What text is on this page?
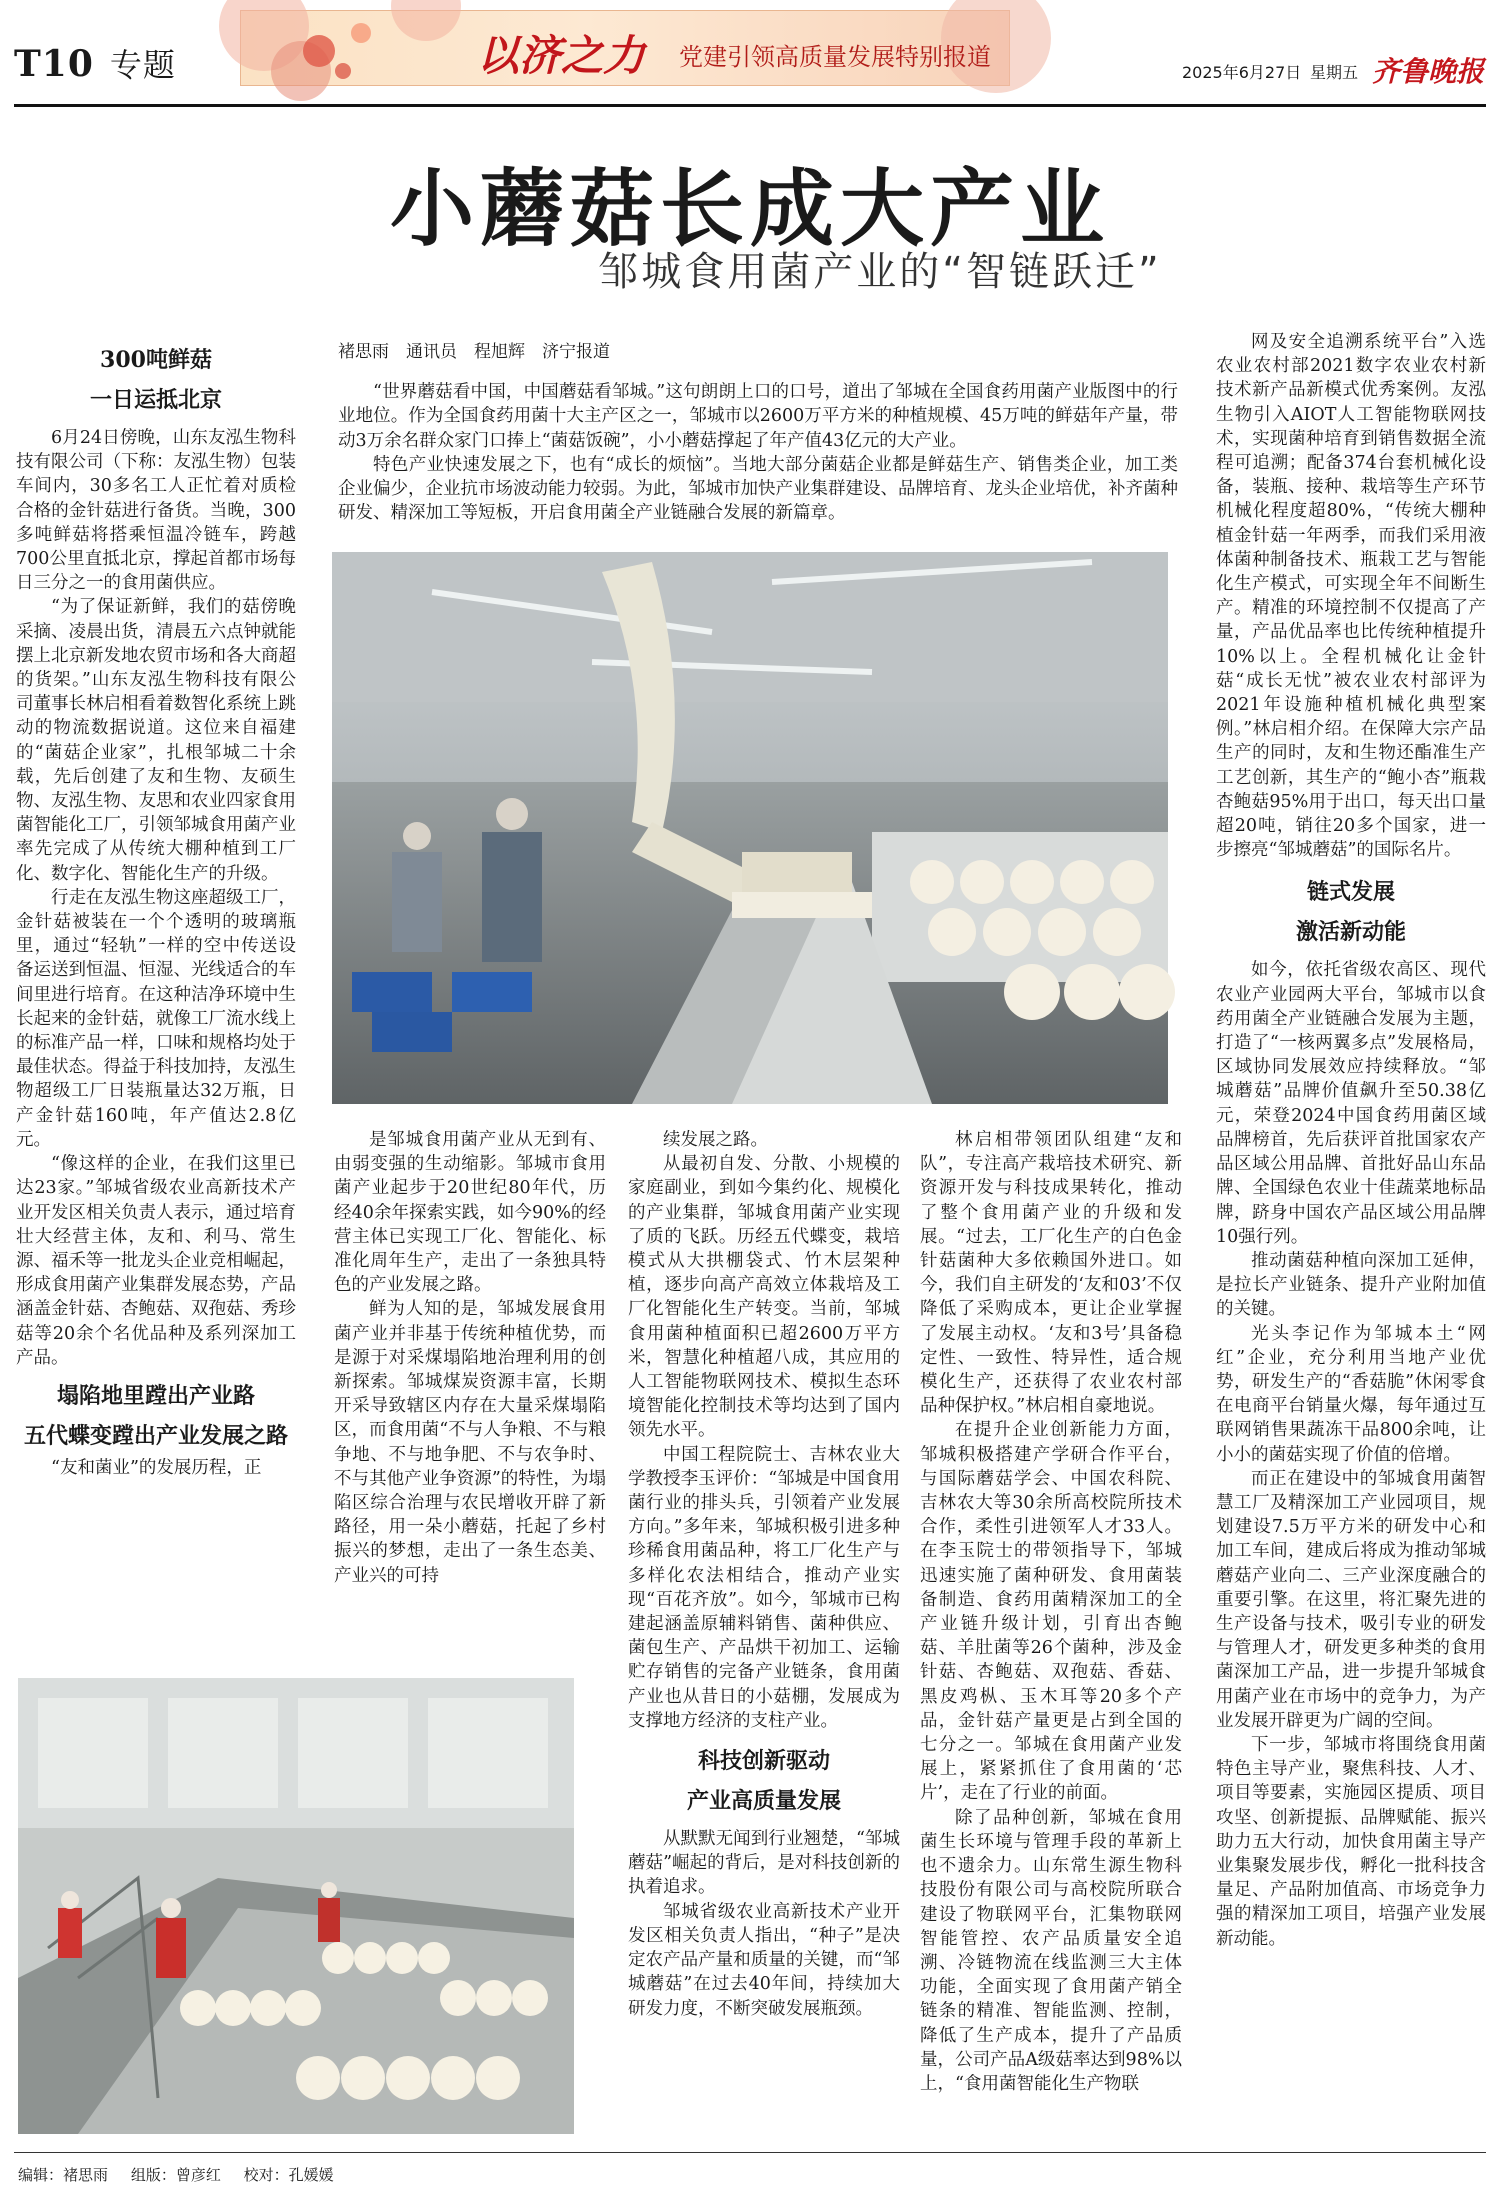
T10 专题	以济之力 党建引领高质量发展特别报道
2025年6月27日 星期五 齐鲁晚报
小蘑菇长成大产业
邹城食用菌产业的“智链跃迁”
300吨鲜菇
一日运抵北京

6月24日傍晚，山东友泓生物科技有限公司（下称：友泓生物）包装车间内，30多名工人正忙着对质检合格的金针菇进行备货。当晚，300多吨鲜菇将搭乘恒温冷链车，跨越700公里直抵北京，撑起首都市场每日三分之一的食用菌供应。

“为了保证新鲜，我们的菇傍晚采摘、凌晨出货，清晨五六点钟就能摆上北京新发地农贸市场和各大商超的货架。”山东友泓生物科技有限公司董事长林启相看着数智化系统上跳动的物流数据说道。这位来自福建的“菌菇企业家”，扎根邹城二十余载，先后创建了友和生物、友硕生物、友泓生物、友思和农业四家食用菌智能化工厂，引领邹城食用菌产业率先完成了从传统大棚种植到工厂化、数字化、智能化生产的升级。

行走在友泓生物这座超级工厂，金针菇被装在一个个透明的玻璃瓶里，通过“轻轨”一样的空中传送设备运送到恒温、恒湿、光线适合的车间里进行培育。在这种洁净环境中生长起来的金针菇，就像工厂流水线上的标准产品一样，口味和规格均处于最佳状态。得益于科技加持，友泓生物超级工厂日装瓶量达32万瓶，日产金针菇160吨，年产值达2.8亿元。

“像这样的企业，在我们这里已达23家。”邹城省级农业高新技术产业开发区相关负责人表示，通过培育壮大经营主体，友和、利马、常生源、福禾等一批龙头企业竞相崛起，形成食用菌产业集群发展态势，产品涵盖金针菇、杏鲍菇、双孢菇、秀珍菇等20余个名优品种及系列深加工产品。

塌陷地里蹚出产业路
五代蝶变蹚出产业发展之路

“友和菌业”的发展历程，正

褚思雨　通讯员　程旭辉　济宁报道

“世界蘑菇看中国，中国蘑菇看邹城。”这句朗朗上口的口号，道出了邹城在全国食药用菌产业版图中的行业地位。作为全国食药用菌十大主产区之一，邹城市以2600万平方米的种植规模、45万吨的鲜菇年产量，带动3万余名群众家门口捧上“菌菇饭碗”，小小蘑菇撑起了年产值43亿元的大产业。

特色产业快速发展之下，也有“成长的烦恼”。当地大部分菌菇企业都是鲜菇生产、销售类企业，加工类企业偏少，企业抗市场波动能力较弱。为此，邹城市加快产业集群建设、品牌培育、龙头企业培优，补齐菌种研发、精深加工等短板，开启食用菌全产业链融合发展的新篇章。

是邹城食用菌产业从无到有、由弱变强的生动缩影。邹城市食用菌产业起步于20世纪80年代，历经40余年探索实践，如今90%的经营主体已实现工厂化、智能化、标准化周年生产，走出了一条独具特色的产业发展之路。

鲜为人知的是，邹城发展食用菌产业并非基于传统种植优势，而是源于对采煤塌陷地治理利用的创新探索。邹城煤炭资源丰富，长期开采导致辖区内存在大量采煤塌陷区，而食用菌“不与人争粮、不与粮争地、不与地争肥、不与农争时、不与其他产业争资源”的特性，为塌陷区综合治理与农民增收开辟了新路径，用一朵小蘑菇，托起了乡村振兴的梦想，走出了一条生态美、产业兴的可持

续发展之路。

从最初自发、分散、小规模的家庭副业，到如今集约化、规模化的产业集群，邹城食用菌产业实现了质的飞跃。历经五代蝶变，栽培模式从大拱棚袋式、竹木层架种植，逐步向高产高效立体栽培及工厂化智能化生产转变。当前，邹城食用菌种植面积已超2600万平方米，智慧化种植超八成，其应用的人工智能物联网技术、模拟生态环境智能化控制技术等均达到了国内领先水平。

中国工程院院士、吉林农业大学教授李玉评价：“邹城是中国食用菌行业的排头兵，引领着产业发展方向。”多年来，邹城积极引进多种珍稀食用菌品种，将工厂化生产与多样化农法相结合，推动产业实现“百花齐放”。如今，邹城市已构建起涵盖原辅料销售、菌种供应、菌包生产、产品烘干初加工、运输贮存销售的完备产业链条，食用菌产业也从昔日的小菇棚，发展成为支撑地方经济的支柱产业。

科技创新驱动
产业高质量发展

从默默无闻到行业翘楚，“邹城蘑菇”崛起的背后，是对科技创新的执着追求。

邹城省级农业高新技术产业开发区相关负责人指出，“种子”是决定农产品产量和质量的关键，而“邹城蘑菇”在过去40年间，持续加大研发力度，不断突破发展瓶颈。

林启相带领团队组建“友和队”，专注高产栽培技术研究、新资源开发与科技成果转化，推动了整个食用菌产业的升级和发展。“过去，工厂化生产的白色金针菇菌种大多依赖国外进口。如今，我们自主研发的‘友和03’不仅降低了采购成本，更让企业掌握了发展主动权。‘友和3号’具备稳定性、一致性、特异性，适合规模化生产，还获得了农业农村部品种保护权。”林启相自豪地说。

在提升企业创新能力方面，邹城积极搭建产学研合作平台，与国际蘑菇学会、中国农科院、吉林农大等30余所高校院所技术合作，柔性引进领军人才33人。在李玉院士的带领指导下，邹城迅速实施了菌种研发、食用菌装备制造、食药用菌精深加工的全产业链升级计划，引育出杏鲍菇、羊肚菌等26个菌种，涉及金针菇、杏鲍菇、双孢菇、香菇、黑皮鸡枞、玉木耳等20多个产品，金针菇产量更是占到全国的七分之一。邹城在食用菌产业发展上，紧紧抓住了食用菌的‘芯片’，走在了行业的前面。

除了品种创新，邹城在食用菌生长环境与管理手段的革新上也不遗余力。山东常生源生物科技股份有限公司与高校院所联合建设了物联网平台，汇集物联网智能管控、农产品质量安全追溯、冷链物流在线监测三大主体功能，全面实现了食用菌产销全链条的精准、智能监测、控制，降低了生产成本，提升了产品质量，公司产品A级菇率达到98%以上，“食用菌智能化生产物联

网及安全追溯系统平台”入选农业农村部2021数字农业农村新技术新产品新模式优秀案例。友泓生物引入AIOT人工智能物联网技术，实现菌种培育到销售数据全流程可追溯；配备374台套机械化设备，装瓶、接种、栽培等生产环节机械化程度超80%，“传统大棚种植金针菇一年两季，而我们采用液体菌种制备技术、瓶栽工艺与智能化生产模式，可实现全年不间断生产。精准的环境控制不仅提高了产量，产品优品率也比传统种植提升10%以上。全程机械化让金针菇“成长无忧”被农业农村部评为2021年设施种植机械化典型案例。”林启相介绍。在保障大宗产品生产的同时，友和生物还酯准生产工艺创新，其生产的“鲍小杏”瓶栽杏鲍菇95%用于出口，每天出口量超20吨，销往20多个国家，进一步擦亮“邹城蘑菇”的国际名片。

链式发展
激活新动能

如今，依托省级农高区、现代农业产业园两大平台，邹城市以食药用菌全产业链融合发展为主题，打造了“一核两翼多点”发展格局，区域协同发展效应持续释放。“邹城蘑菇”品牌价值飙升至50.38亿元，荣登2024中国食药用菌区域品牌榜首，先后获评首批国家农产品区域公用品牌、首批好品山东品牌、全国绿色农业十佳蔬菜地标品牌，跻身中国农产品区域公用品牌10强行列。

推动菌菇种植向深加工延伸，是拉长产业链条、提升产业附加值的关键。

光头李记作为邹城本土“网红”企业，充分利用当地产业优势，研发生产的“香菇脆”休闲零食在电商平台销量火爆，每年通过互联网销售果蔬冻干品800余吨，让小小的菌菇实现了价值的倍增。

而正在建设中的邹城食用菌智慧工厂及精深加工产业园项目，规划建设7.5万平方米的研发中心和加工车间，建成后将成为推动邹城蘑菇产业向二、三产业深度融合的重要引擎。在这里，将汇聚先进的生产设备与技术，吸引专业的研发与管理人才，研发更多种类的食用菌深加工产品，进一步提升邹城食用菌产业在市场中的竞争力，为产业发展开辟更为广阔的空间。

下一步，邹城市将围绕食用菌特色主导产业，聚焦科技、人才、项目等要素，实施园区提质、项目攻坚、创新提振、品牌赋能、振兴助力五大行动，加快食用菌主导产业集聚发展步伐，孵化一批科技含量足、产品附加值高、市场竞争力强的精深加工项目，培强产业发展新动能。

编辑：褚思雨 组版：曾彦红 校对：孔媛媛
